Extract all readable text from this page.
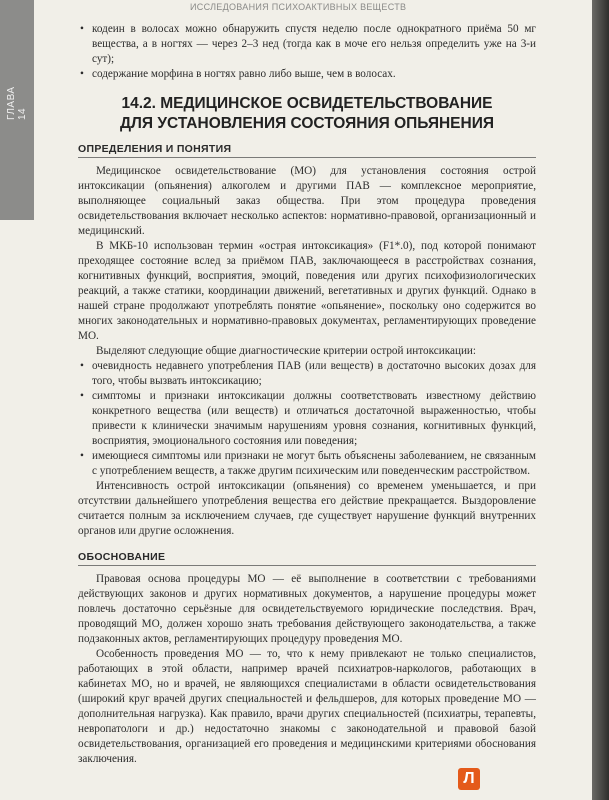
ГЛАВА 14
ИССЛЕДОВАНИЯ ПСИХОАКТИВНЫХ ВЕЩЕСТВ
• кодеин в волосах можно обнаружить спустя неделю после однократного приёма 50 мг вещества, а в ногтях — через 2–3 нед (тогда как в моче его нельзя определить уже на 3-и сут);
• содержание морфина в ногтях равно либо выше, чем в волосах.
14.2. МЕДИЦИНСКОЕ ОСВИДЕТЕЛЬСТВОВАНИЕ
ДЛЯ УСТАНОВЛЕНИЯ СОСТОЯНИЯ ОПЬЯНЕНИЯ
ОПРЕДЕЛЕНИЯ И ПОНЯТИЯ

Медицинское освидетельствование (МО) для установления состояния острой интоксикации (опьянения) алкоголем и другими ПАВ — комплексное мероприятие, выполняющее социальный заказ общества. При этом процедура проведения освидетельствования включает несколько аспектов: нормативно-правовой, организационный и медицинский.

В МКБ-10 использован термин «острая интоксикация» (F1*.0), под которой понимают преходящее состояние вслед за приёмом ПАВ, заключающееся в расстройствах сознания, когнитивных функций, восприятия, эмоций, поведения или других психофизиологических реакций, а также статики, координации движений, вегетативных и других функций. Однако в нашей стране продолжают употреблять понятие «опьянение», поскольку оно содержится во многих законодательных и нормативно-правовых документах, регламентирующих проведение МО.

Выделяют следующие общие диагностические критерии острой интоксикации:

• очевидность недавнего употребления ПАВ (или веществ) в достаточно высоких дозах для того, чтобы вызвать интоксикацию;
• симптомы и признаки интоксикации должны соответствовать известному действию конкретного вещества (или веществ) и отличаться достаточной выраженностью, чтобы привести к клинически значимым нарушениям уровня сознания, когнитивных функций, восприятия, эмоционального состояния или поведения;
• имеющиеся симптомы или признаки не могут быть объяснены заболеванием, не связанным с употреблением веществ, а также другим психическим или поведенческим расстройством.

Интенсивность острой интоксикации (опьянения) со временем уменьшается, и при отсутствии дальнейшего употребления вещества его действие прекращается. Выздоровление считается полным за исключением случаев, где существует нарушение функций внутренних органов или другие осложнения.

ОБОСНОВАНИЕ

Правовая основа процедуры МО — её выполнение в соответствии с требованиями действующих законов и других нормативных документов, а нарушение процедуры может повлечь достаточно серьёзные для освидетельствуемого юридические последствия. Врач, проводящий МО, должен хорошо знать требования действующего законодательства, а также подзаконных актов, регламентирующих процедуру проведения МО.

Особенность проведения МО — то, что к нему привлекают не только специалистов, работающих в этой области, например врачей психиатров-наркологов, работающих в кабинетах МО, но и врачей, не являющихся специалистами в области освидетельствования (широкий круг врачей других специальностей и фельдшеров, для которых проведение МО — дополнительная нагрузка). Как правило, врачи других специальностей (психиатры, терапевты, невропатологи и др.) недостаточно знакомы с законодательной и правовой базой освидетельствования, организацией его проведения и медицинскими критериями обоснования заключения.

Л
